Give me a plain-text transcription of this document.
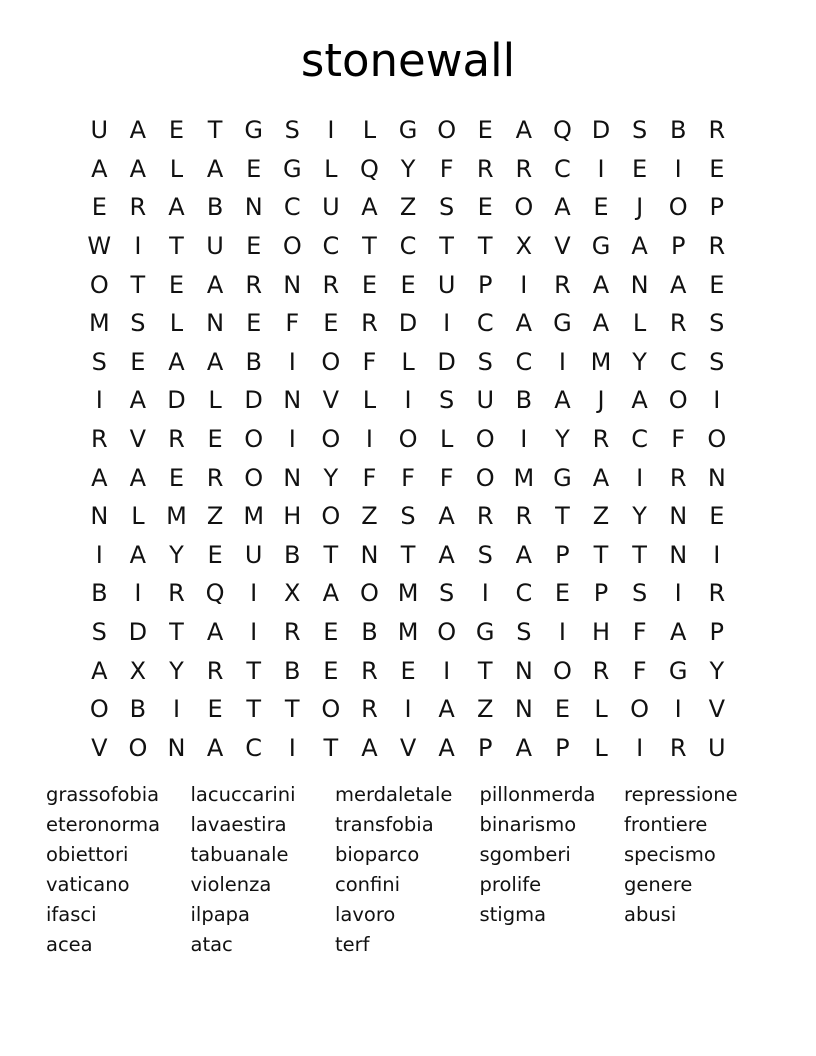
stonewall
U A E T G S	I	L G O E A Q D S B R
A A L A E G L Q Y	F R R C	I	E	I	E
E R A B N C U A Z S E O A E	J	O P
W I	T U E O C T C T T X V G A P R
O T E A R N R E E U P	I	R A N A E
M S	L N E	F	E R D	I	C A G A L R S
S E A A B	I	O F	L D S C	I	M Y C S
I	A D L D N V L	I	S U B A	J	A O	I
R V R E O	I	O	I	O L O	I	Y R C F O
A A E R O N Y	F	F	F O M G A	I	R N
N L M Z M H O Z S A R R T Z Y N E
I	A Y E U B T N T A S A P	T T N	I
B	I	R Q	I	X A O M S	I	C E P S	I	R
S D T A	I	R E B M O G S	I	H F A P
A X Y R T B E R E	I	T N O R F G Y
O B	I	E T T O R	I	A Z N E	L O	I	V
V O N A C	I	T A V A P A P	L	I	R U
grassofobia
eteronorma
obiettori
vaticano
ifasci
acea
lacuccarini
lavaestira
tabuanale
violenza
ilpapa
atac
merdaletale
transfobia
bioparco
confini
lavoro
terf
pillonmerda
binarismo
sgomberi
prolife
stigma
repressione
frontiere
specismo
genere
abusi
